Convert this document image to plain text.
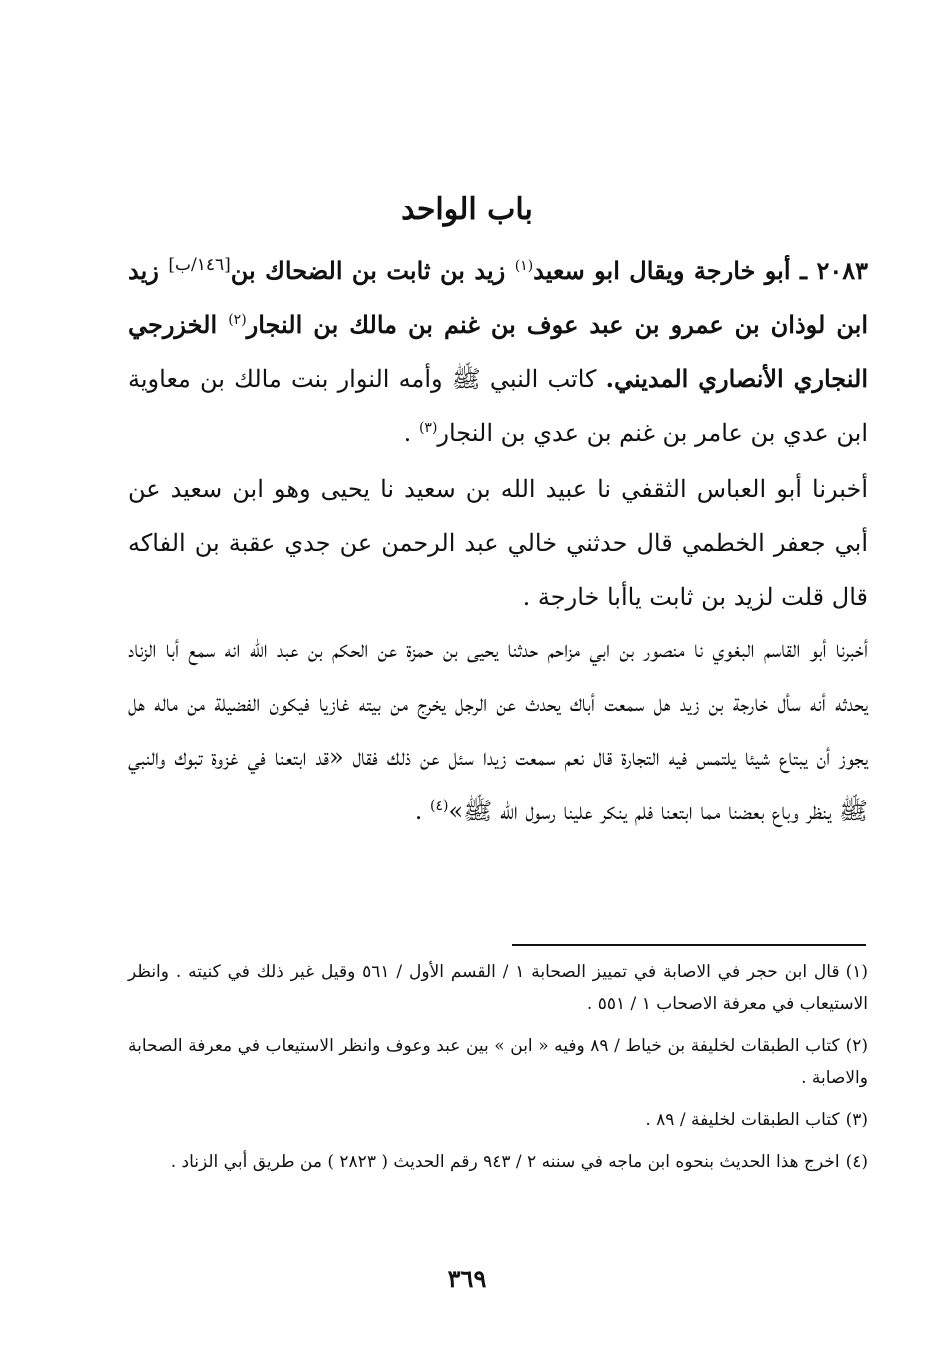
باب الواحد

٢٠٨٣ ـ أبو خارجة ويقال ابو سعيد$^{(١)}$ زيد بن ثابت بن الضحاك بن[١٤٦/ب] زيد ابن لوذان بن عمرو بن عبد عوف بن غنم بن مالك بن النجار$^{(٢)}$ الخزرجي النجاري الأنصاري المديني. كاتب النبي ﷺ وأمه النوار بنت مالك بن معاوية ابن عدي بن عامر بن غنم بن عدي بن النجار$^{(٣)}$ .

أخبرنا أبو العباس الثقفي نا عبيد الله بن سعيد نا يحيى وهو ابن سعيد عن أبي جعفر الخطمي قال حدثني خالي عبد الرحمن عن جدي عقبة بن الفاكه قال قلت لزيد بن ثابت ياأبا خارجة .

أخبرنا أبو القاسم البغوي نا منصور بن ابي مزاحم حدثنا يحيى بن حمزة عن الحكم بن عبد الله انه سمع أبا الزناد يحدثه أنه سأل خارجة بن زيد هل سمعت أباك يحدث عن الرجل يخرج من بيته غازيا فيكون الفضيلة من ماله هل يجوز أن يبتاع شيئا يلتمس فيه التجارة قال نعم سمعت زيدا سئل عن ذلك فقال «قد ابتعنا في غزوة تبوك والنبي ﷺ ينظر وباع بعضنا مما ابتعنا فلم ينكر علينا رسول الله ﷺ»$^{(٤)}$ .

(١)قال ابن حجر في الاصابة في تمييز الصحابة ١ / القسم الأول / ٥٦١ وقيل غير ذلك في كنيته . وانظر الاستيعاب في معرفة الاصحاب ١ / ٥٥١ .
(٢)كتاب الطبقات لخليفة بن خياط / ٨٩ وفيه « ابن » بين عبد وعوف وانظر الاستيعاب في معرفة الصحابة والاصابة .
(٣)كتاب الطبقات لخليفة / ٨٩ .
(٤)اخرج هذا الحديث بنحوه ابن ماجه في سننه ٢ / ٩٤٣ رقم الحديث ( ٢٨٢٣ ) من طريق أبي الزناد .
٣٦٩
